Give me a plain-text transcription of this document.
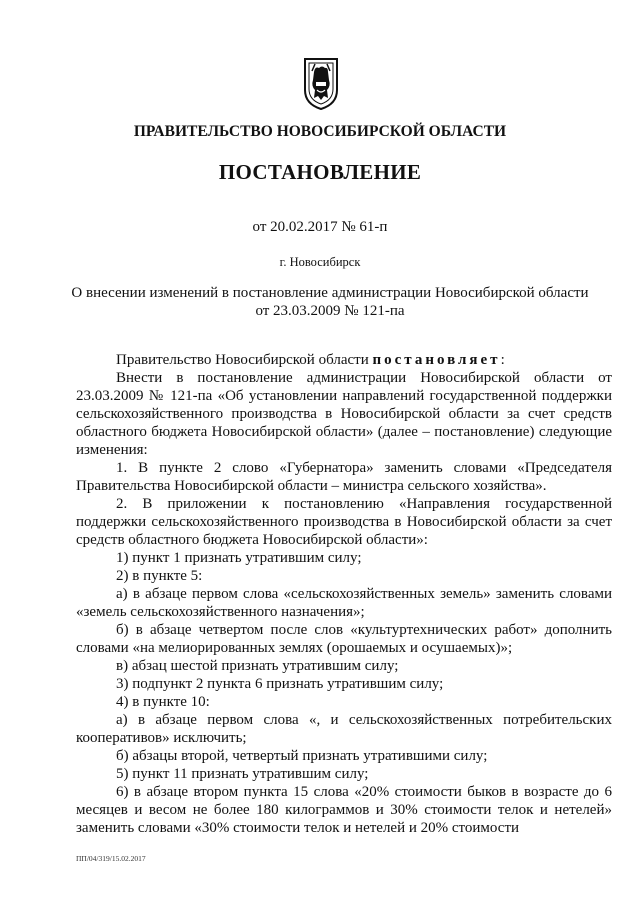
ПРАВИТЕЛЬСТВО НОВОСИБИРСКОЙ ОБЛАСТИ
ПОСТАНОВЛЕНИЕ
от 20.02.2017 № 61-п
г. Новосибирск
О внесении изменений в постановление администрации Новосибирской области
от 23.03.2009 № 121-па

Правительство Новосибирской области постановляет:

Внести в постановление администрации Новосибирской области от 23.03.2009 № 121-па «Об установлении направлений государственной поддержки сельскохозяйственного производства в Новосибирской области за счет средств областного бюджета Новосибирской области» (далее – постановление) следующие изменения:

1. В пункте 2 слово «Губернатора» заменить словами «Председателя Правительства Новосибирской области – министра сельского хозяйства».

2. В приложении к постановлению «Направления государственной поддержки сельскохозяйственного производства в Новосибирской области за счет средств областного бюджета Новосибирской области»:

1) пункт 1 признать утратившим силу;

2) в пункте 5:

а) в абзаце первом слова «сельскохозяйственных земель» заменить словами «земель сельскохозяйственного назначения»;

б) в абзаце четвертом после слов «культуртехнических работ» дополнить словами «на мелиорированных землях (орошаемых и осушаемых)»;

в) абзац шестой признать утратившим силу;

3) подпункт 2 пункта 6 признать утратившим силу;

4) в пункте 10:

а) в абзаце первом слова «, и сельскохозяйственных потребительских кооперативов» исключить;

б) абзацы второй, четвертый признать утратившими силу;

5) пункт 11 признать утратившим силу;

6) в абзаце втором пункта 15 слова «20% стоимости быков в возрасте до 6 месяцев и весом не более 180 килограммов и 30% стоимости телок и нетелей» заменить словами «30% стоимости телок и нетелей и 20% стоимости

ПП/04/319/15.02.2017
